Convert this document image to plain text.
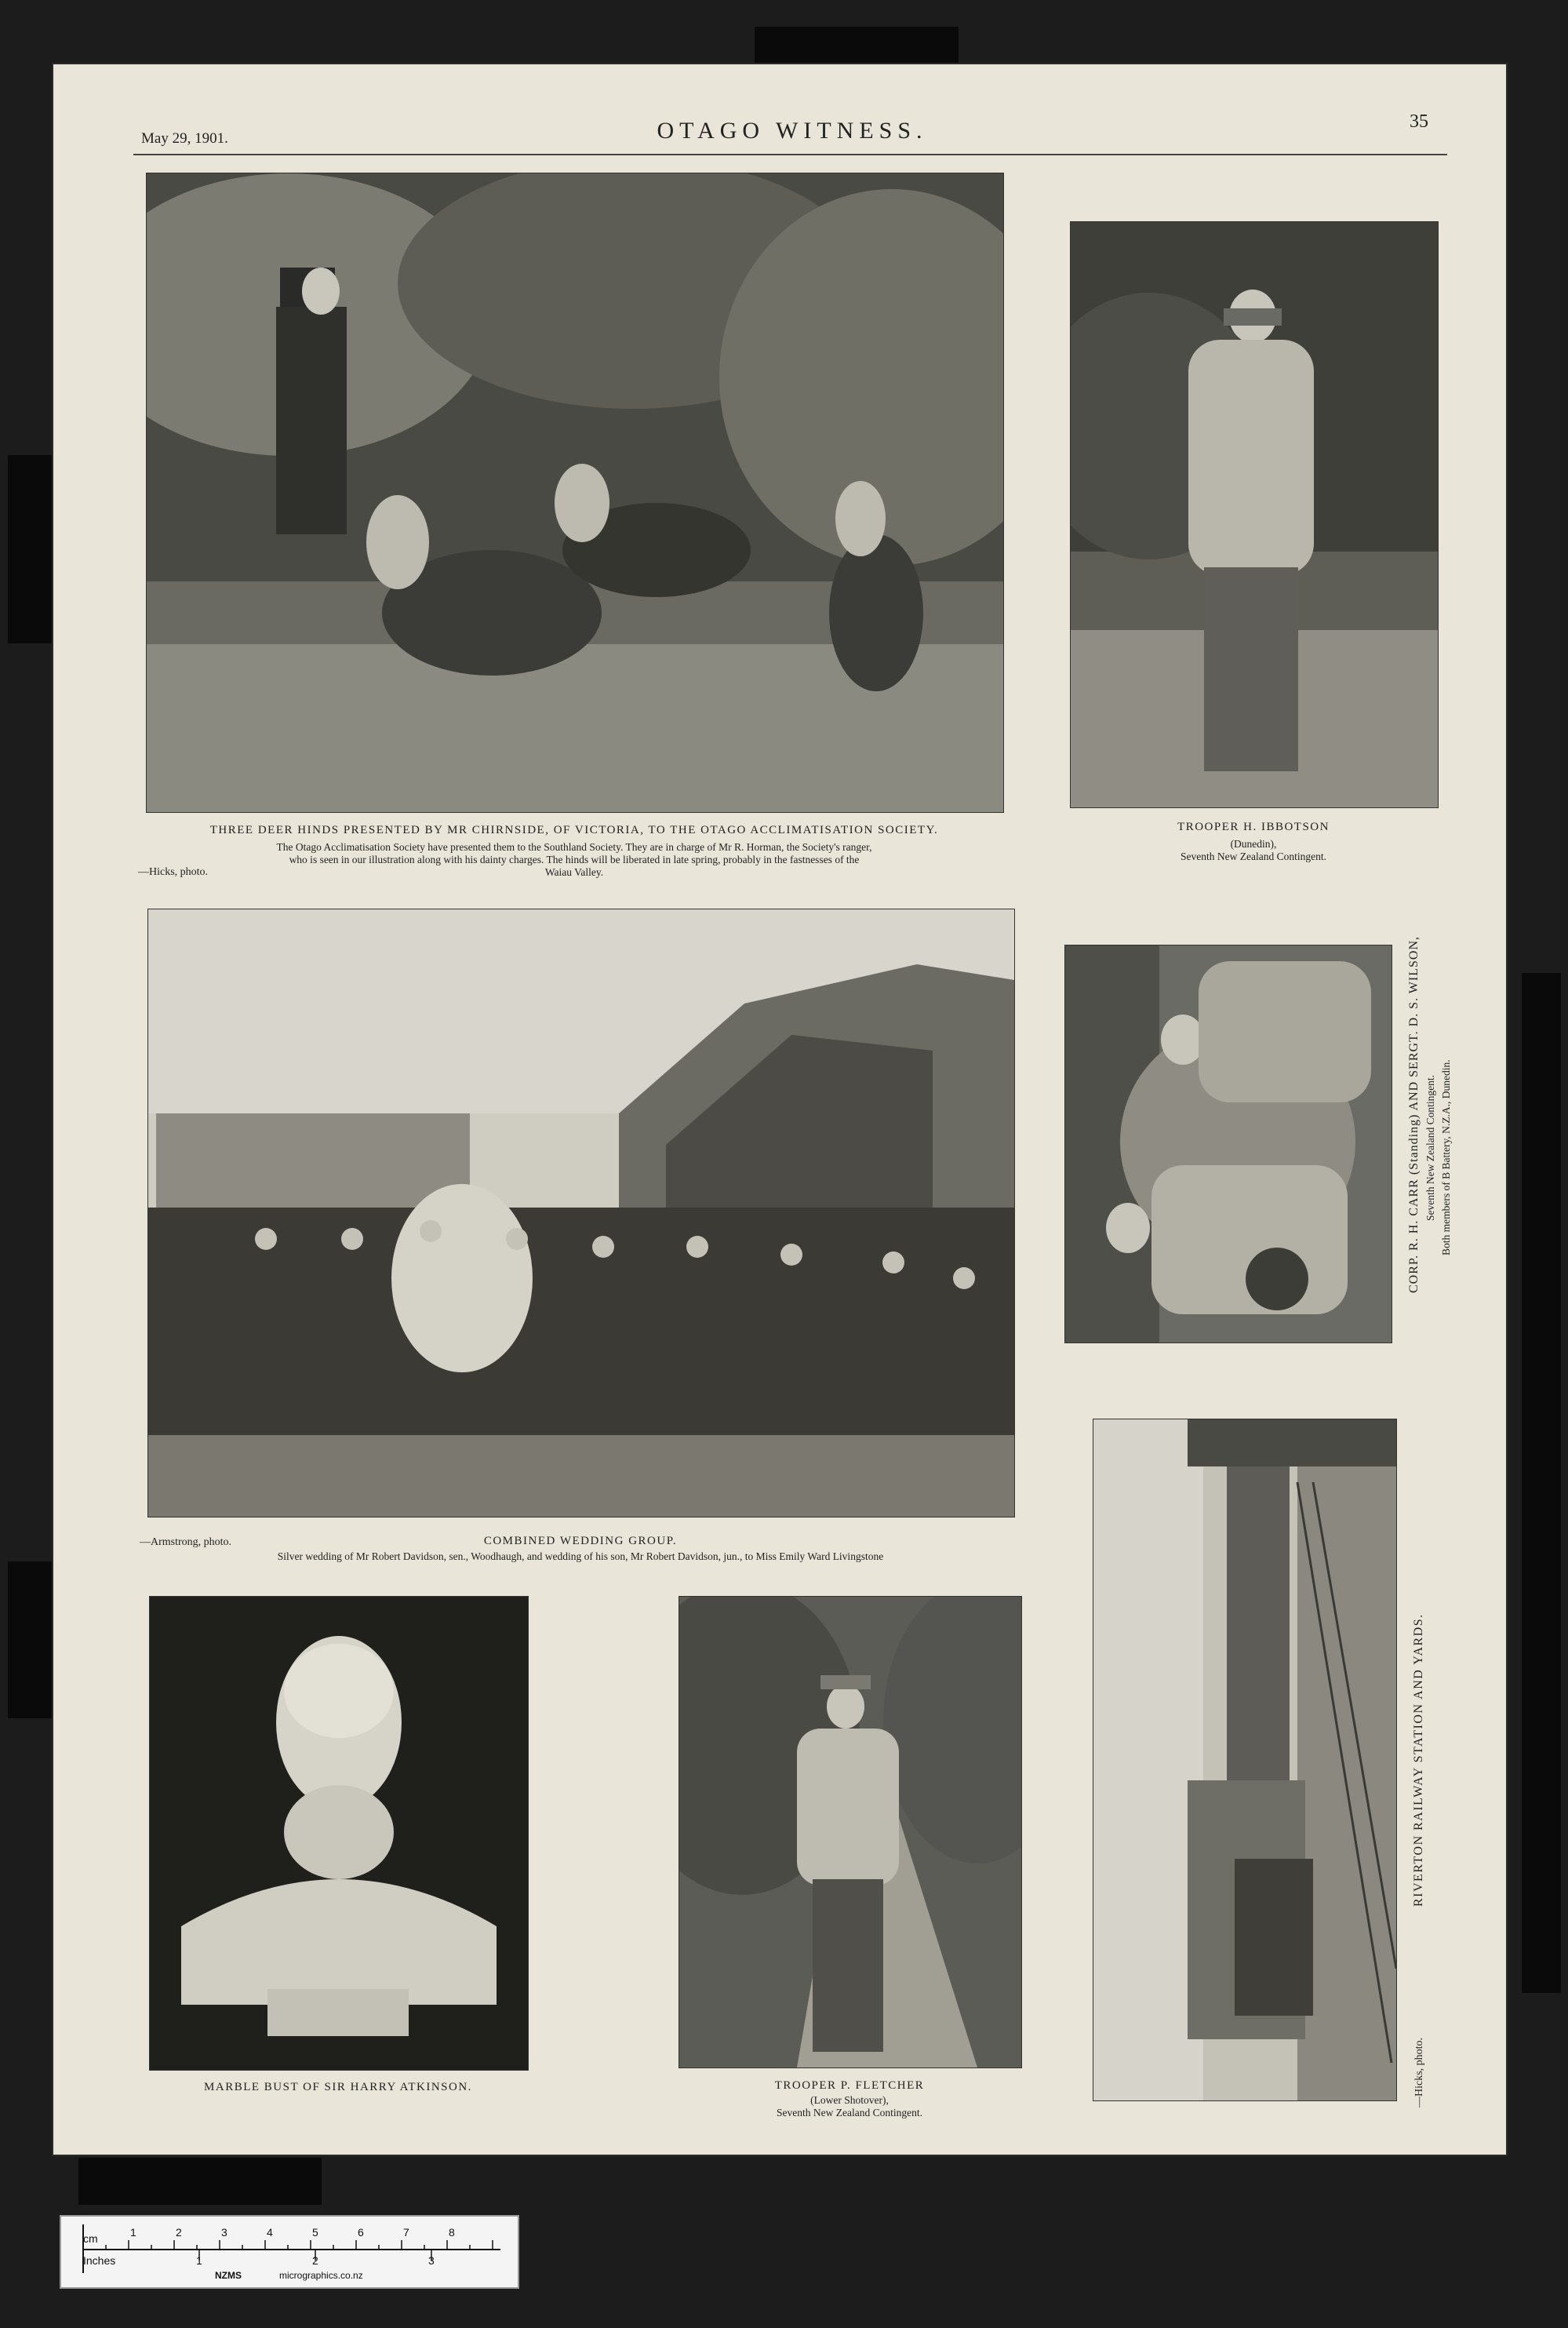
May 29, 1901.	OTAGO WITNESS.	35
THREE DEER HINDS PRESENTED BY MR CHIRNSIDE, OF VICTORIA, TO THE OTAGO ACCLIMATISATION SOCIETY.
The Otago Acclimatisation Society have presented them to the Southland Society. They are in charge of Mr R. Horman, the Society's ranger,
who is seen in our illustration along with his dainty charges. The hinds will be liberated in late spring, probably in the fastnesses of the
Waiau Valley.
—Hicks, photo.
TROOPER H. IBBOTSON
(Dunedin),
Seventh New Zealand Contingent.
—Armstrong, photo.	COMBINED WEDDING GROUP.
Silver wedding of Mr Robert Davidson, sen., Woodhaugh, and wedding of his son, Mr Robert Davidson, jun., to Miss Emily Ward Livingstone
CORP. R. H. CARR (Standing) AND SERGT. D. S. WILSON, Seventh New Zealand Contingent. Both members of B Battery, N.Z.A., Dunedin.
MARBLE BUST OF SIR HARRY ATKINSON.	TROOPER P. FLETCHER
(Lower Shotover),
Seventh New Zealand Contingent.
RIVERTON RAILWAY STATION AND YARDS.
—Hicks, photo.
cm
Inches
1	2	3	4	5	6	7	8
1	2	3
NZMS	micrographics.co.nz
